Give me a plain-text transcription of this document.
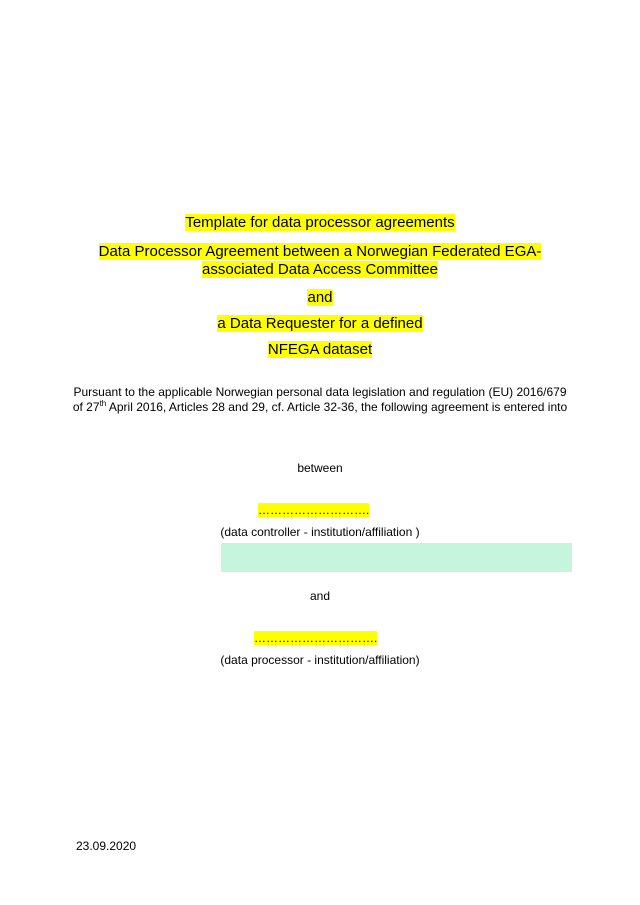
Template for data processor agreements
Data Processor Agreement between a Norwegian Federated EGA-
associated Data Access Committee
and
a Data Requester for a defined
NFEGA dataset
Pursuant to the applicable Norwegian personal data legislation and regulation (EU) 2016/679 of 27th April 2016, Articles 28 and 29, cf. Article 32-36, the following agreement is entered into
between
……………………….
(data controller - institution/affiliation )
and
………………………….
(data processor - institution/affiliation)
23.09.2020
